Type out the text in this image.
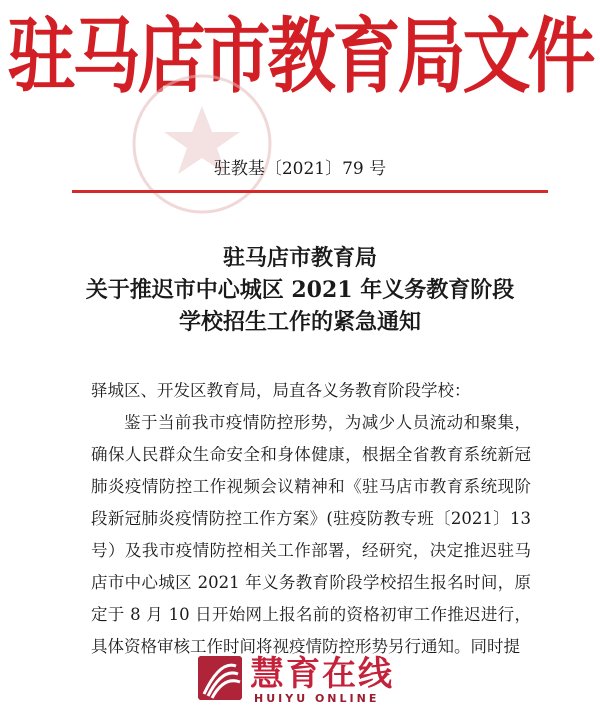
驻马店市教育局文件
驻教基〔2021〕79 号
驻马店市教育局
关于推迟市中心城区 2021 年义务教育阶段
学校招生工作的紧急通知

驿城区、开发区教育局，局直各义务教育阶段学校：

鉴于当前我市疫情防控形势，为减少人员流动和聚集，确保人民群众生命安全和身体健康，根据全省教育系统新冠肺炎疫情防控工作视频会议精神和《驻马店市教育系统现阶段新冠肺炎疫情防控工作方案》(驻疫防教专班〔2021〕13号）及我市疫情防控相关工作部署，经研究，决定推迟驻马店市中心城区 2021 年义务教育阶段学校招生报名时间，原定于 8 月 10 日开始网上报名前的资格初审工作推迟进行，具体资格审核工作时间将视疫情防控形势另行通知。同时提

慧育在线
HUIYU ONLINE
